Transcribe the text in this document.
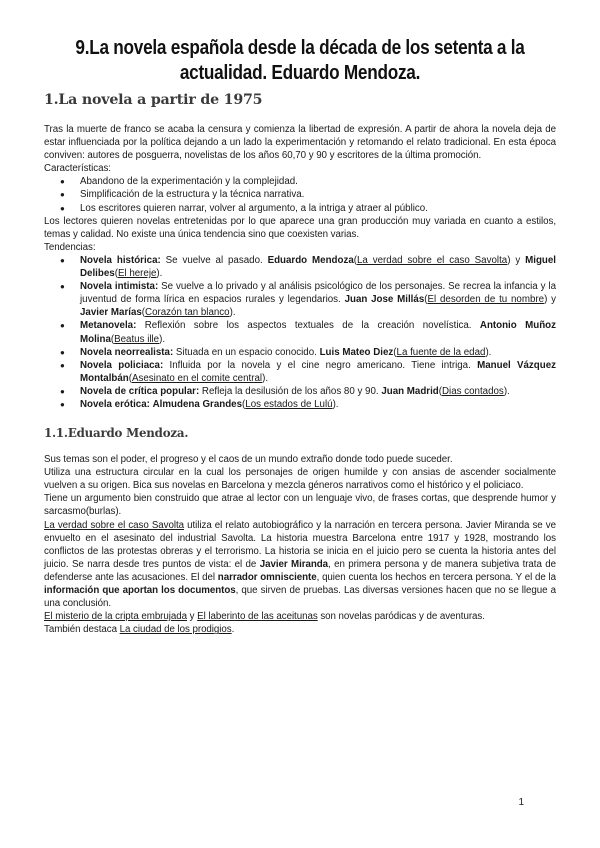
9.La novela española desde la década de los setenta a la actualidad. Eduardo Mendoza.
1.La novela a partir de 1975

Tras la muerte de franco se acaba la censura y comienza la libertad de expresión. A partir de ahora la novela deja de estar influenciada por la política dejando a un lado la experimentación y retomando el relato tradicional. En esta época conviven: autores de posguerra, novelistas de los años 60,70 y 90 y escritores de la última promoción.

Características:

● Abandono de la experimentación y la complejidad.
● Simplificación de la estructura y la técnica narrativa.
● Los escritores quieren narrar, volver al argumento, a la intriga y atraer al público.

Los lectores quieren novelas entretenidas por lo que aparece una gran producción muy variada en cuanto a estilos, temas y calidad. No existe una única tendencia sino que coexisten varias.

Tendencias:

● Novela histórica: Se vuelve al pasado. Eduardo Mendoza(La verdad sobre el caso Savolta) y Miguel Delibes(El hereje).
● Novela intimista: Se vuelve a lo privado y al análisis psicológico de los personajes. Se recrea la infancia y la juventud de forma lírica en espacios rurales y legendarios. Juan Jose Millás(El desorden de tu nombre) y Javier Marías(Corazón tan blanco).
● Metanovela: Reflexión sobre los aspectos textuales de la creación novelística. Antonio Muñoz Molina(Beatus ille).
● Novela neorrealista: Situada en un espacio conocido. Luis Mateo Diez(La fuente de la edad).
● Novela policiaca: Influida por la novela y el cine negro americano. Tiene intriga. Manuel Vázquez Montalbán(Asesinato en el comite central).
● Novela de crítica popular: Refleja la desilusión de los años 80 y 90. Juan Madrid(Dias contados).
● Novela erótica: Almudena Grandes(Los estados de Lulú).
1.1.Eduardo Mendoza.

Sus temas son el poder, el progreso y el caos de un mundo extraño donde todo puede suceder.

Utiliza una estructura circular en la cual los personajes de origen humilde y con ansias de ascender socialmente vuelven a su origen. Bica sus novelas en Barcelona y mezcla géneros narrativos como el histórico y el policiaco.

Tiene un argumento bien construido que atrae al lector con un lenguaje vivo, de frases cortas, que desprende humor y sarcasmo(burlas).

La verdad sobre el caso Savolta utiliza el relato autobiográfico y la narración en tercera persona. Javier Miranda se ve envuelto en el asesinato del industrial Savolta. La historia muestra Barcelona entre 1917 y 1928, mostrando los conflictos de las protestas obreras y el terrorismo. La historia se inicia en el juicio pero se cuenta la historia antes del juicio. Se narra desde tres puntos de vista: el de Javier Miranda, en primera persona y de manera subjetiva trata de defenderse ante las acusaciones. El del narrador omnisciente, quien cuenta los hechos en tercera persona. Y el de la información que aportan los documentos, que sirven de pruebas. Las diversas versiones hacen que no se llegue a una conclusión.

El misterio de la cripta embrujada y El laberinto de las aceitunas son novelas paródicas y de aventuras.

También destaca La ciudad de los prodigios.

1
